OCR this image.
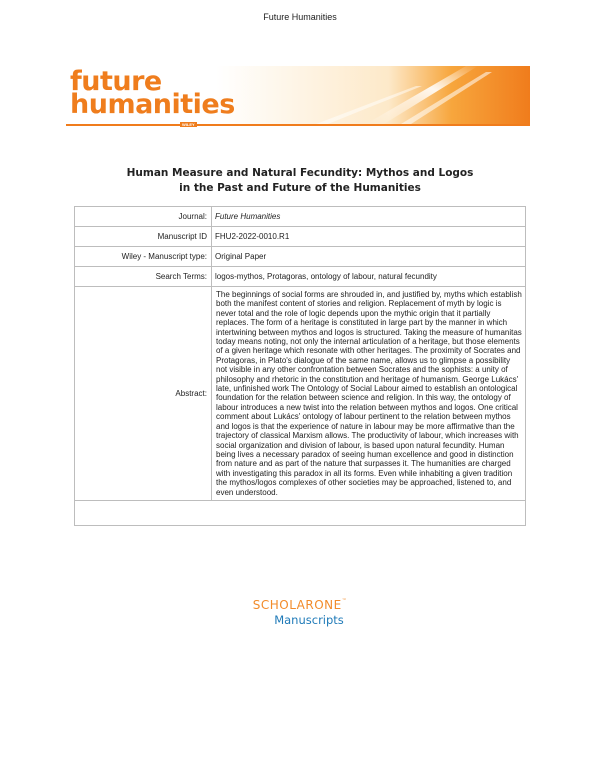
Future Humanities
future
humanities
WILEY
Human Measure and Natural Fecundity: Mythos and Logos
in the Past and Future of the Humanities
Journal:	Future Humanities
Manuscript ID	FHU2-2022-0010.R1
Wiley - Manuscript type:	Original Paper
Search Terms:	logos-mythos, Protagoras, ontology of labour, natural fecundity
Abstract:	The beginnings of social forms are shrouded in, and justified by, myths which establish both the manifest content of stories and religion. Replacement of myth by logic is never total and the role of logic depends upon the mythic origin that it partially replaces. The form of a heritage is constituted in large part by the manner in which intertwining between mythos and logos is structured. Taking the measure of humanitas today means noting, not only the internal articulation of a heritage, but those elements of a given heritage which resonate with other heritages. The proximity of Socrates and Protagoras, in Plato's dialogue of the same name, allows us to glimpse a possibility not visible in any other confrontation between Socrates and the sophists: a unity of philosophy and rhetoric in the constitution and heritage of humanism. George Lukács' late, unfinished work The Ontology of Social Labour aimed to establish an ontological foundation for the relation between science and religion. In this way, the ontology of labour introduces a new twist into the relation between mythos and logos. One critical comment about Lukács' ontology of labour pertinent to the relation between mythos and logos is that the experience of nature in labour may be more affirmative than the trajectory of classical Marxism allows. The productivity of labour, which increases with social organization and division of labour, is based upon natural fecundity. Human being lives a necessary paradox of seeing human excellence and good in distinction from nature and as part of the nature that surpasses it. The humanities are charged with investigating this paradox in all its forms. Even while inhabiting a given tradition the mythos/logos complexes of other societies may be approached, listened to, and even understood.

SCHOLARONE™
Manuscripts
